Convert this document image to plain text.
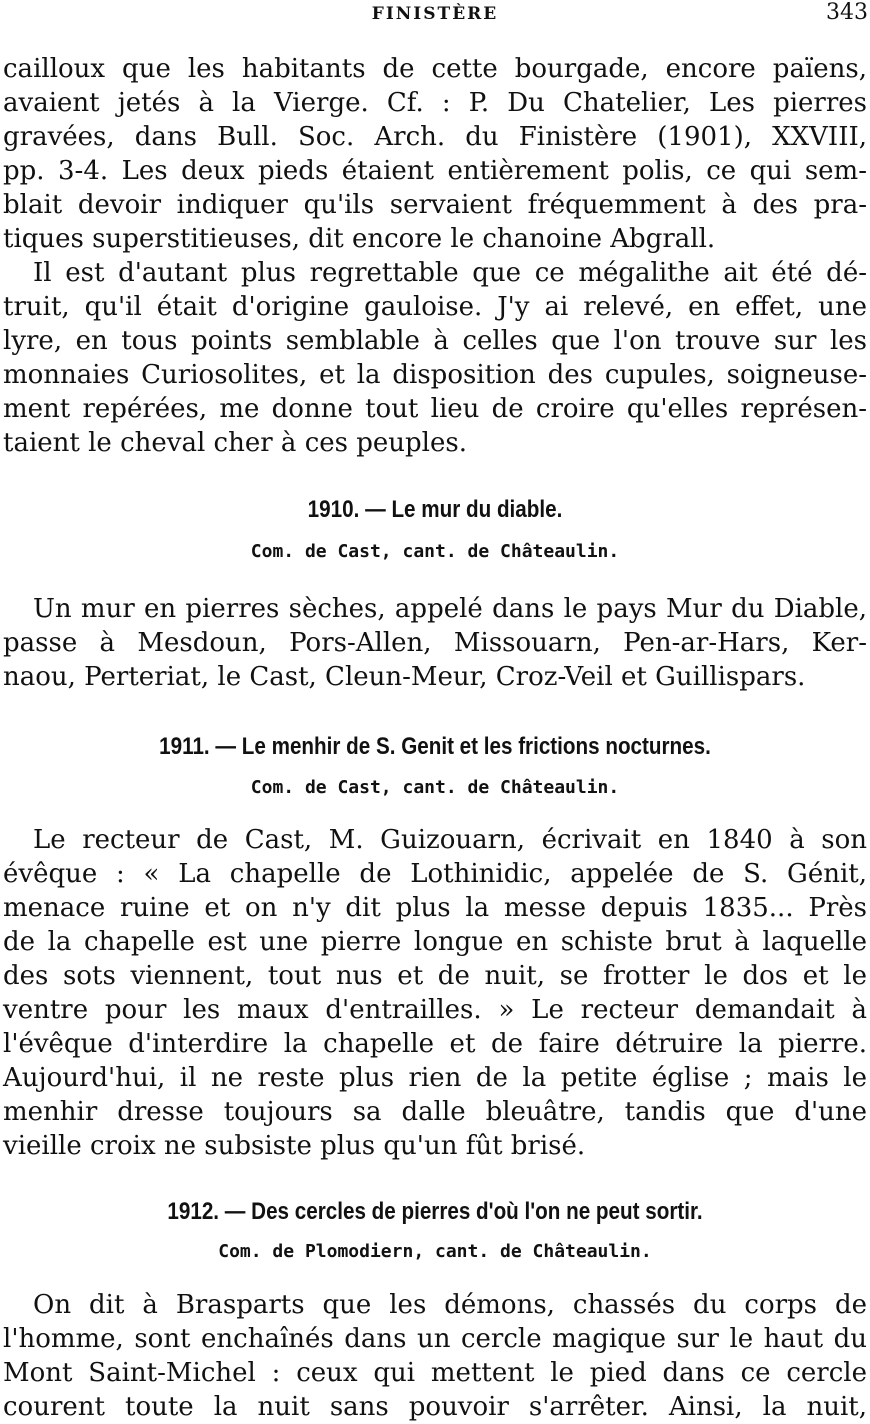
FINISTÈRE	343

cailloux que les habitants de cette bourgade, encore païens,
avaient jetés à la Vierge. Cf. : P. Du Chatelier, Les pierres
gravées, dans Bull. Soc. Arch. du Finistère (1901), XXVIII,
pp. 3-4. Les deux pieds étaient entièrement polis, ce qui sem-
blait devoir indiquer qu'ils servaient fréquemment à des pra-
tiques superstitieuses, dit encore le chanoine Abgrall.

Il est d'autant plus regrettable que ce mégalithe ait été dé-
truit, qu'il était d'origine gauloise. J'y ai relevé, en effet, une
lyre, en tous points semblable à celles que l'on trouve sur les
monnaies Curiosolites, et la disposition des cupules, soigneuse-
ment repérées, me donne tout lieu de croire qu'elles représen-
taient le cheval cher à ces peuples.

1910. — Le mur du diable.
Com. de Cast, cant. de Châteaulin.

Un mur en pierres sèches, appelé dans le pays Mur du Diable,
passe à Mesdoun, Pors-Allen, Missouarn, Pen-ar-Hars, Ker-
naou, Perteriat, le Cast, Cleun-Meur, Croz-Veil et Guillispars.

1911. — Le menhir de S. Genit et les frictions nocturnes.
Com. de Cast, cant. de Châteaulin.

Le recteur de Cast, M. Guizouarn, écrivait en 1840 à son
évêque : « La chapelle de Lothinidic, appelée de S. Génit,
menace ruine et on n'y dit plus la messe depuis 1835... Près
de la chapelle est une pierre longue en schiste brut à laquelle
des sots viennent, tout nus et de nuit, se frotter le dos et le
ventre pour les maux d'entrailles. » Le recteur demandait à
l'évêque d'interdire la chapelle et de faire détruire la pierre.
Aujourd'hui, il ne reste plus rien de la petite église ; mais le
menhir dresse toujours sa dalle bleuâtre, tandis que d'une
vieille croix ne subsiste plus qu'un fût brisé.

1912. — Des cercles de pierres d'où l'on ne peut sortir.
Com. de Plomodiern, cant. de Châteaulin.

On dit à Brasparts que les démons, chassés du corps de
l'homme, sont enchaînés dans un cercle magique sur le haut du
Mont Saint-Michel : ceux qui mettent le pied dans ce cercle
courent toute la nuit sans pouvoir s'arrêter. Ainsi, la nuit,
